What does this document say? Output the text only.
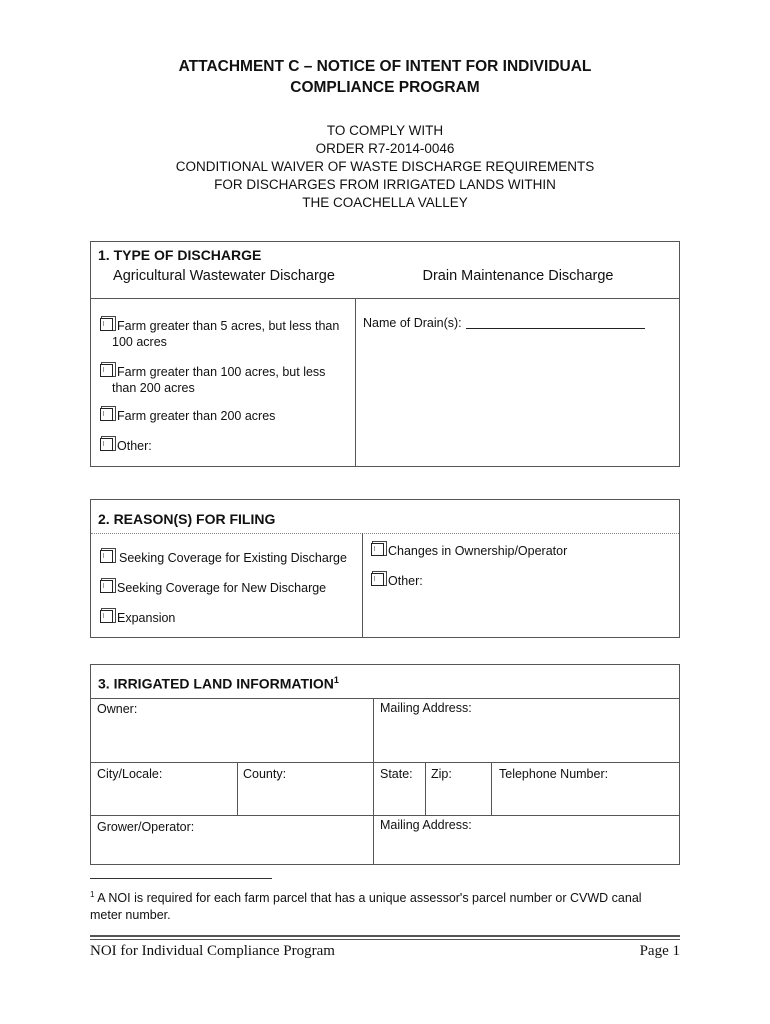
ATTACHMENT C – NOTICE OF INTENT FOR INDIVIDUAL
COMPLIANCE PROGRAM
TO COMPLY WITH
ORDER R7-2014-0046
CONDITIONAL WAIVER OF WASTE DISCHARGE REQUIREMENTS
FOR DISCHARGES FROM IRRIGATED LANDS WITHIN
THE COACHELLA VALLEY
1. TYPE OF DISCHARGE
Agricultural Wastewater Discharge	Drain Maintenance Discharge
Farm greater than 5 acres, but less than
100 acres
Farm greater than 100 acres, but less
than 200 acres
Farm greater than 200 acres
Other:
Name of Drain(s):
2. REASON(S) FOR FILING
Seeking Coverage for Existing Discharge
Seeking Coverage for New Discharge
Expansion
Changes in Ownership/Operator
Other:
3. IRRIGATED LAND INFORMATION$^1$
Owner:	Mailing Address:
City/Locale:	County:	State: Zip:	Telephone Number:
Grower/Operator:	Mailing Address:
$^1$ A NOI is required for each farm parcel that has a unique assessor's parcel number or CVWD canal
meter number.
NOI for Individual Compliance Program	Page 1
